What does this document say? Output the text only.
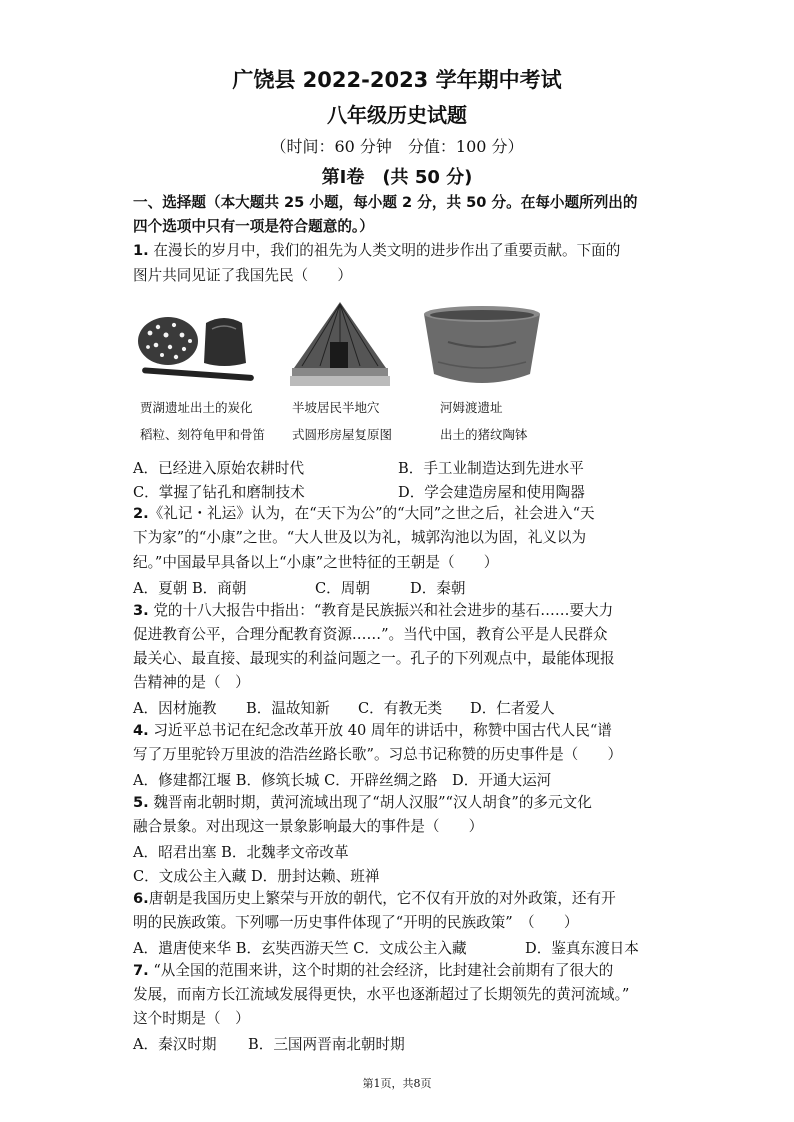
广饶县 2022-2023 学年期中考试
八年级历史试题
（时间：60 分钟　分值：100 分）
第Ⅰ卷　(共 50 分)
一、选择题（本大题共 25 小题，每小题 2 分，共 50 分。在每小题所列出的
四个选项中只有一项是符合题意的。）
1. 在漫长的岁月中，我们的祖先为人类文明的进步作出了重要贡献。下面的
图片共同见证了我国先民（　　）
贾湖遗址出土的炭化
稻粒、刻符龟甲和骨笛
半坡居民半地穴
式圆形房屋复原图
河姆渡遗址
出土的猪纹陶钵
A．已经进入原始农耕时代	B．手工业制造达到先进水平
C．掌握了钻孔和磨制技术	D．学会建造房屋和使用陶器
2.《礼记・礼运》认为，在“天下为公”的“大同”之世之后，社会进入“天
下为家”的“小康”之世。“大人世及以为礼，城郭沟池以为固，礼义以为
纪。”中国最早具备以上“小康”之世特征的王朝是（　　）
A．夏朝 B．商朝	C．周朝	D．秦朝
3. 党的十八大报告中指出：“教育是民族振兴和社会进步的基石……要大力
促进教育公平，合理分配教育资源……”。当代中国，教育公平是人民群众
最关心、最直接、最现实的利益问题之一。孔子的下列观点中，最能体现报
告精神的是（　）
A．因材施教 B．温故知新 C．有教无类 D．仁者爱人
4. 习近平总书记在纪念改革开放 40 周年的讲话中，称赞中国古代人民“谱
写了万里驼铃万里波的浩浩丝路长歌”。习总书记称赞的历史事件是（　　）
A．修建都江堰 B．修筑长城 C．开辟丝绸之路　D．开通大运河
5. 魏晋南北朝时期，黄河流域出现了“胡人汉服”“汉人胡食”的多元文化
融合景象。对出现这一景象影响最大的事件是（　　）
A．昭君出塞 B．北魏孝文帝改革
C．文成公主入藏 D．册封达赖、班禅
6.唐朝是我国历史上繁荣与开放的朝代，它不仅有开放的对外政策，还有开
明的民族政策。下列哪一历史事件体现了“开明的民族政策”　（　　）
A．遣唐使来华 B．玄奘西游天竺 C．文成公主入藏	D．鉴真东渡日本
7. “从全国的范围来讲，这个时期的社会经济，比封建社会前期有了很大的
发展，而南方长江流域发展得更快，水平也逐渐超过了长期领先的黄河流域。”
这个时期是（　）
A．秦汉时期 B．三国两晋南北朝时期
第1页，共8页
